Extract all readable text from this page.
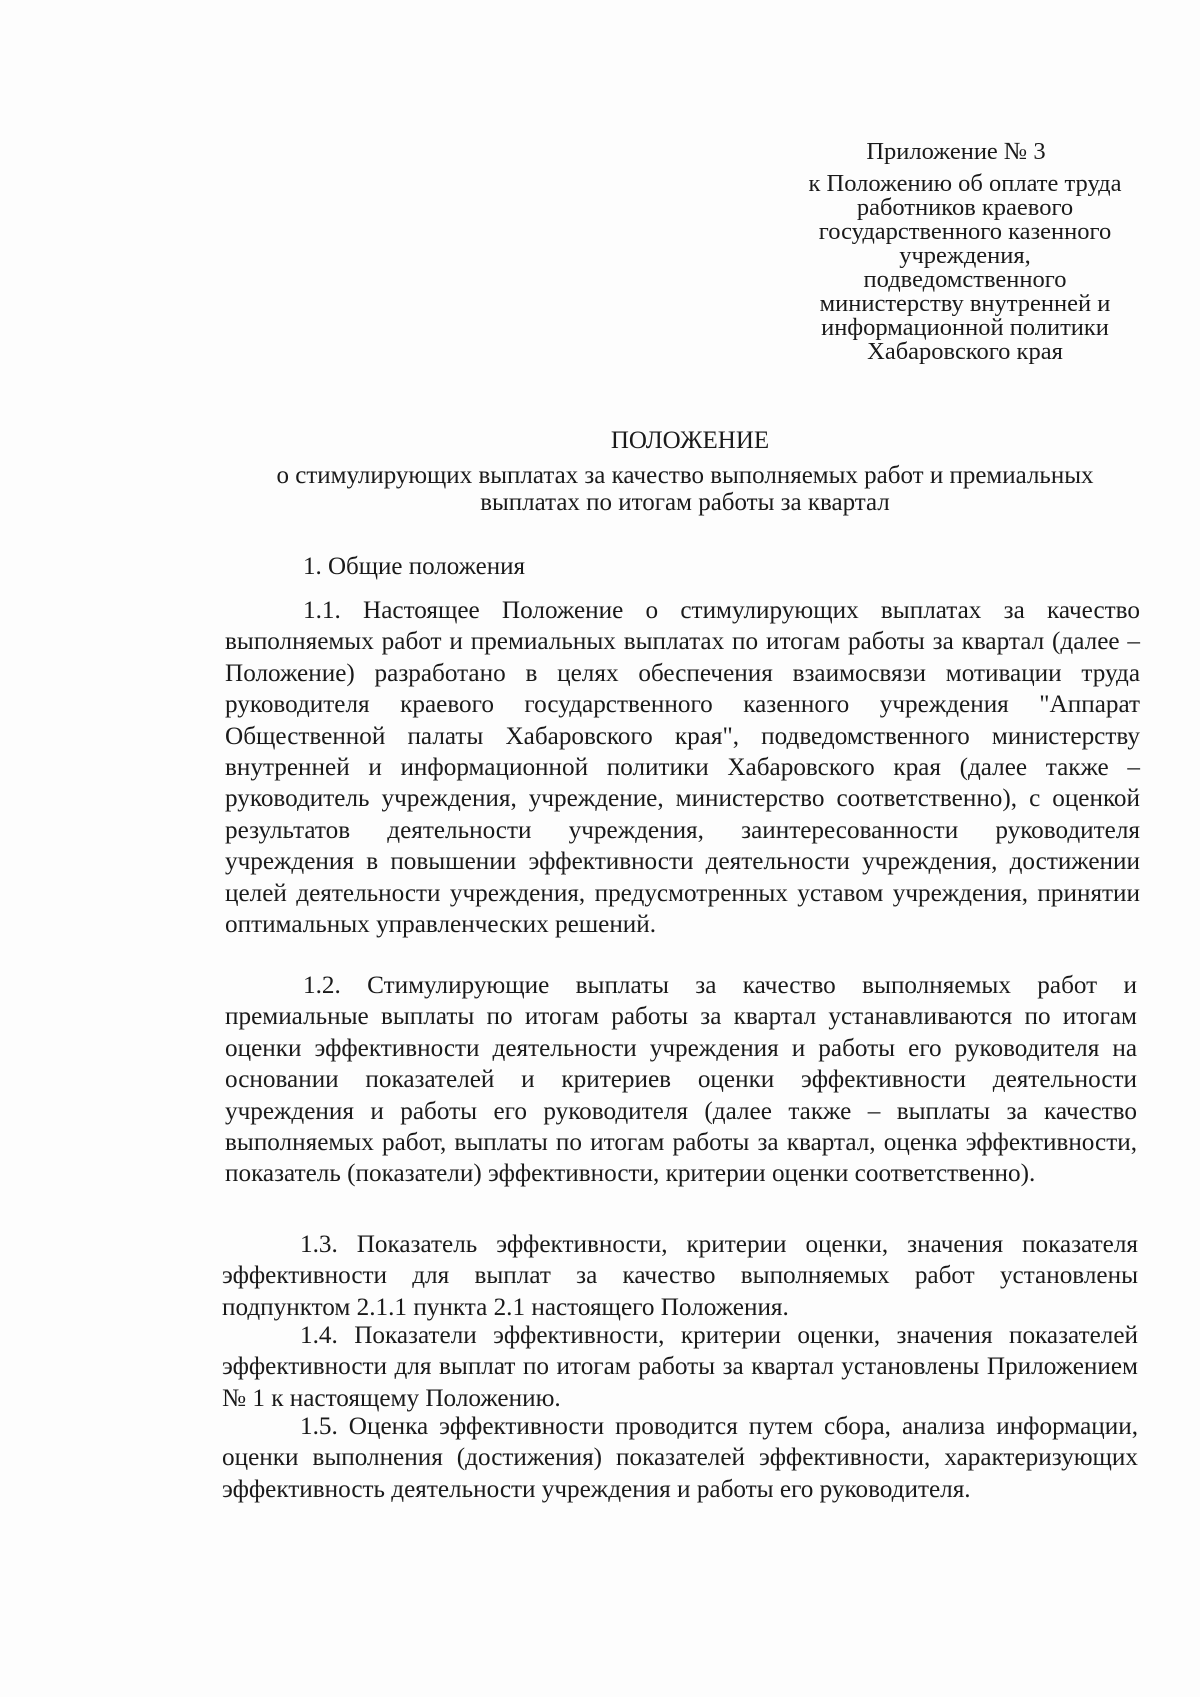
Приложение № 3
к Положению об оплате труда
работников краевого
государственного казенного
учреждения,
подведомственного
министерству внутренней и
информационной политики
Хабаровского края
ПОЛОЖЕНИЕ
о стимулирующих выплатах за качество выполняемых работ и премиальных
выплатах по итогам работы за квартал
1. Общие положения

1.1. Настоящее Положение о стимулирующих выплатах за качество выполняемых работ и премиальных выплатах по итогам работы за квартал (далее – Положение) разработано в целях обеспечения взаимосвязи мотивации труда руководителя краевого государственного казенного учреждения "Аппарат Общественной палаты Хабаровского края", подведомственного министерству внутренней и информационной политики Хабаровского края (далее также – руководитель учреждения, учреждение, министерство соответственно), с оценкой результатов деятельности учреждения, заинтересованности руководителя учреждения в повышении эффективности деятельности учреждения, достижении целей деятельности учреждения, предусмотренных уставом учреждения, принятии оптимальных управленческих решений.

1.2. Стимулирующие выплаты за качество выполняемых работ и премиальные выплаты по итогам работы за квартал устанавливаются по итогам оценки эффективности деятельности учреждения и работы его руководителя на основании показателей и критериев оценки эффективности деятельности учреждения и работы его руководителя (далее также – выплаты за качество выполняемых работ, выплаты по итогам работы за квартал, оценка эффективности, показатель (показатели) эффективности, критерии оценки соответственно).

1.3. Показатель эффективности, критерии оценки, значения показателя эффективности для выплат за качество выполняемых работ установлены подпунктом 2.1.1 пункта 2.1 настоящего Положения.

1.4. Показатели эффективности, критерии оценки, значения показателей эффективности для выплат по итогам работы за квартал установлены Приложением № 1 к настоящему Положению.

1.5. Оценка эффективности проводится путем сбора, анализа информации, оценки выполнения (достижения) показателей эффективности, характеризующих эффективность деятельности учреждения и работы его руководителя.
